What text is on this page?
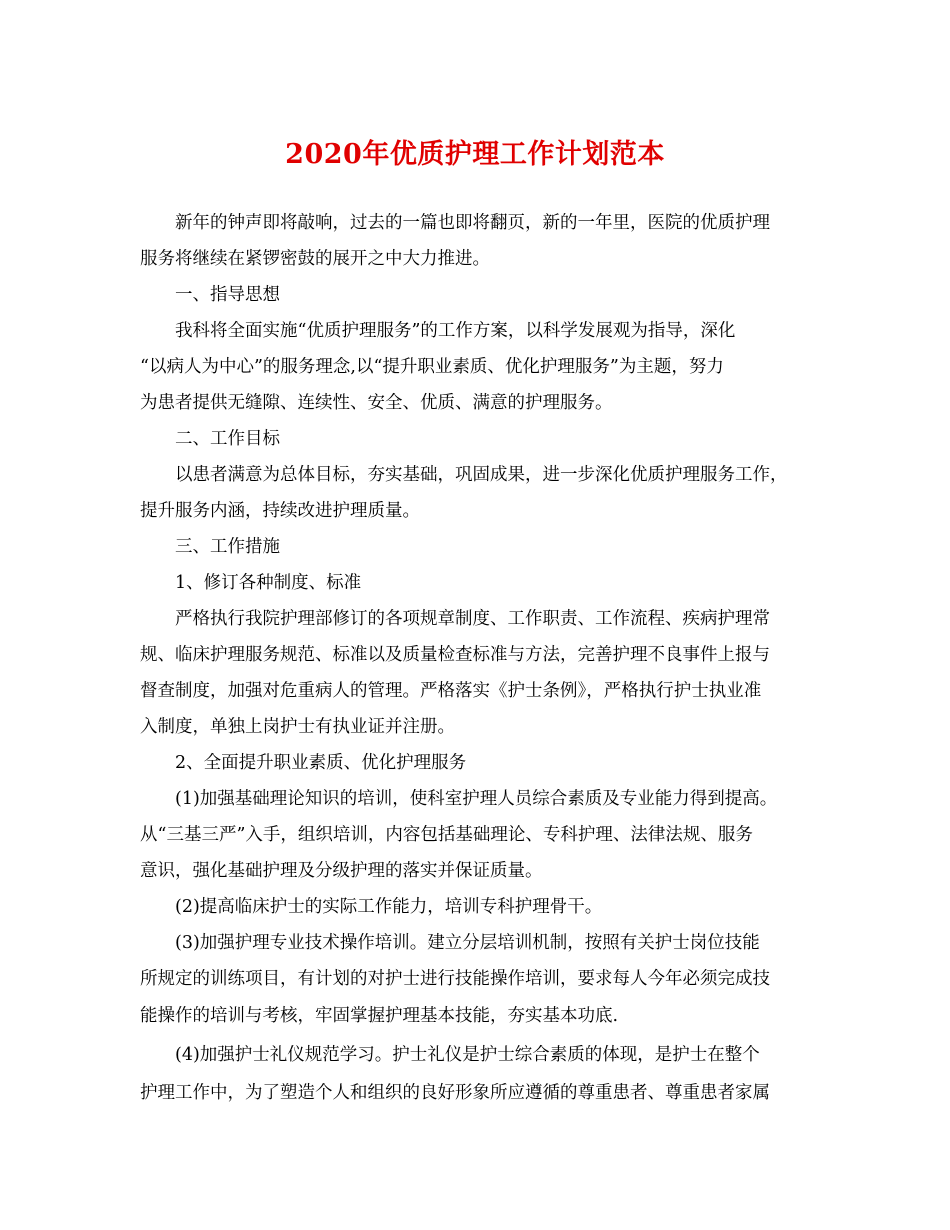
2020年优质护理工作计划范本
新年的钟声即将敲响，过去的一篇也即将翻页，新的一年里，医院的优质护理
服务将继续在紧锣密鼓的展开之中大力推进。
一、指导思想
我科将全面实施“优质护理服务”的工作方案，以科学发展观为指导，深化
“以病人为中心”的服务理念,以“提升职业素质、优化护理服务”为主题，努力
为患者提供无缝隙、连续性、安全、优质、满意的护理服务。
二、工作目标
以患者满意为总体目标，夯实基础，巩固成果，进一步深化优质护理服务工作，
提升服务内涵，持续改进护理质量。
三、工作措施
1、修订各种制度、标准
严格执行我院护理部修订的各项规章制度、工作职责、工作流程、疾病护理常
规、临床护理服务规范、标准以及质量检查标准与方法，完善护理不良事件上报与
督查制度，加强对危重病人的管理。严格落实《护士条例》，严格执行护士执业准
入制度，单独上岗护士有执业证并注册。
2、全面提升职业素质、优化护理服务
(1)加强基础理论知识的培训，使科室护理人员综合素质及专业能力得到提高。
从“三基三严”入手，组织培训，内容包括基础理论、专科护理、法律法规、服务
意识，强化基础护理及分级护理的落实并保证质量。
(2)提高临床护士的实际工作能力，培训专科护理骨干。
(3)加强护理专业技术操作培训。建立分层培训机制，按照有关护士岗位技能
所规定的训练项目，有计划的对护士进行技能操作培训，要求每人今年必须完成技
能操作的培训与考核，牢固掌握护理基本技能，夯实基本功底.
(4)加强护士礼仪规范学习。护士礼仪是护士综合素质的体现，是护士在整个
护理工作中，为了塑造个人和组织的良好形象所应遵循的尊重患者、尊重患者家属
